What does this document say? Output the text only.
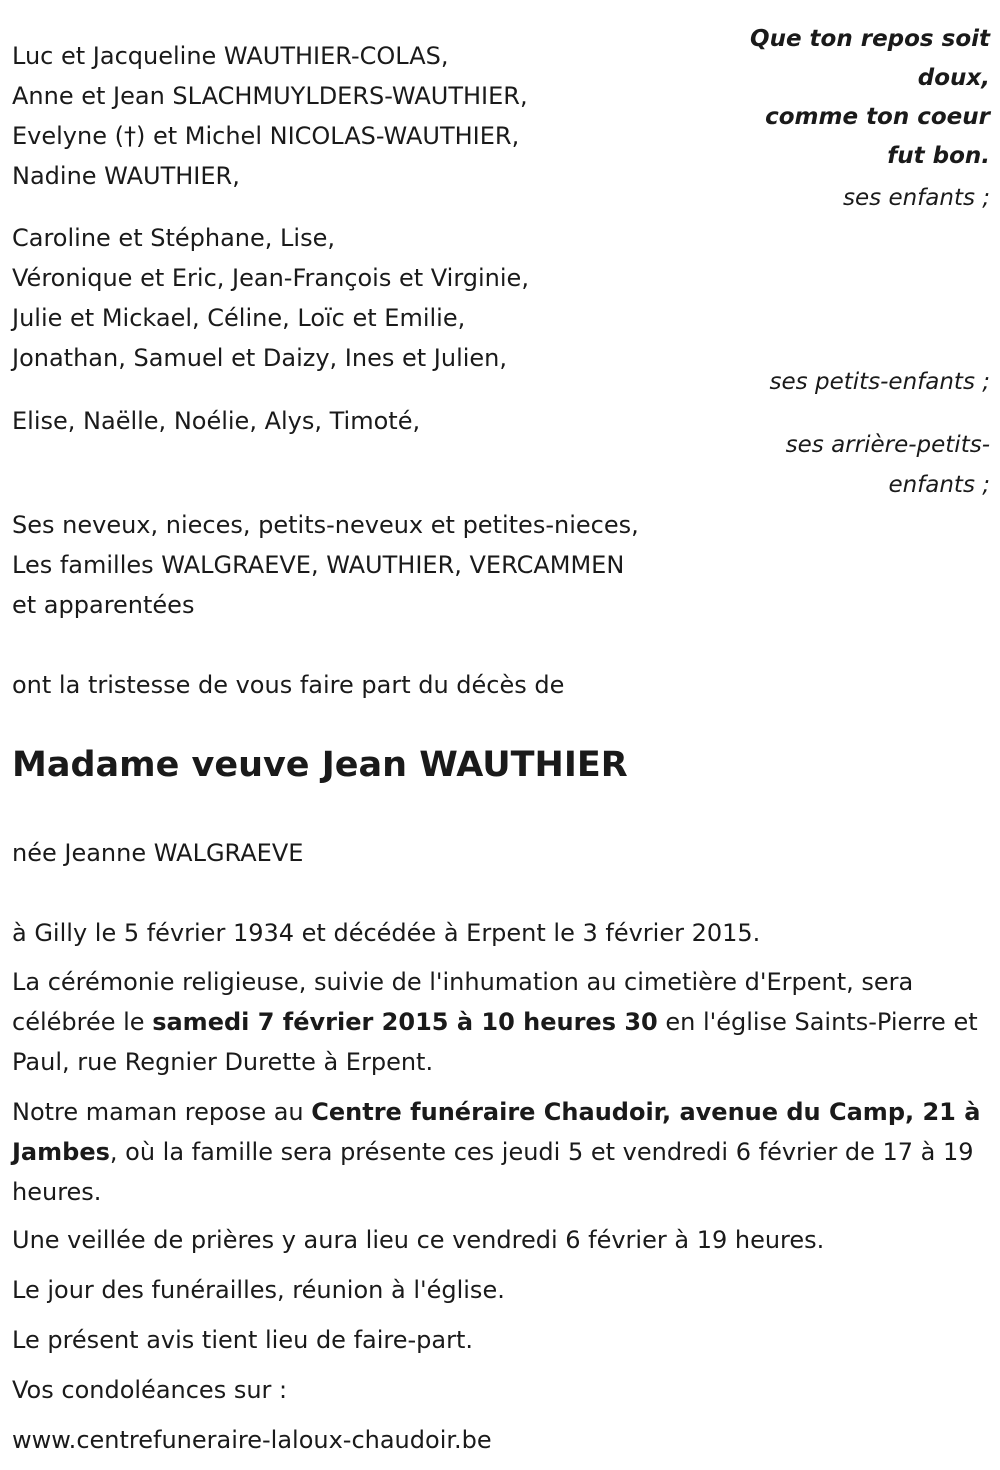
Luc et Jacqueline WAUTHIER-COLAS,
Anne et Jean SLACHMUYLDERS-WAUTHIER,
Evelyne (†) et Michel NICOLAS-WAUTHIER,
Nadine WAUTHIER,
Caroline et Stéphane, Lise,
Véronique et Eric, Jean-François et Virginie,
Julie et Mickael, Céline, Loïc et Emilie,
Jonathan, Samuel et Daizy, Ines et Julien,
Elise, Naëlle, Noélie, Alys, Timoté,
Ses neveux, nieces, petits-neveux et petites-nieces,
Les familles WALGRAEVE, WAUTHIER, VERCAMMEN
et apparentées
Que ton repos soit
doux,
comme ton coeur
fut bon.
ses enfants ;
ses petits-enfants ;
ses arrière-petits-
enfants ;
ont la tristesse de vous faire part du décès de
Madame veuve Jean WAUTHIER
née Jeanne WALGRAEVE
à Gilly le 5 février 1934 et décédée à Erpent le 3 février 2015.

La cérémonie religieuse, suivie de l'inhumation au cimetière d'Erpent, sera célébrée le samedi 7 février 2015 à 10 heures 30 en l'église Saints-Pierre et Paul, rue Regnier Durette à Erpent.

Notre maman repose au Centre funéraire Chaudoir, avenue du Camp, 21 à Jambes, où la famille sera présente ces jeudi 5 et vendredi 6 février de 17 à 19 heures.

Une veillée de prières y aura lieu ce vendredi 6 février à 19 heures.
Le jour des funérailles, réunion à l'église.
Le présent avis tient lieu de faire-part.
Vos condoléances sur :
www.centrefuneraire-laloux-chaudoir.be
